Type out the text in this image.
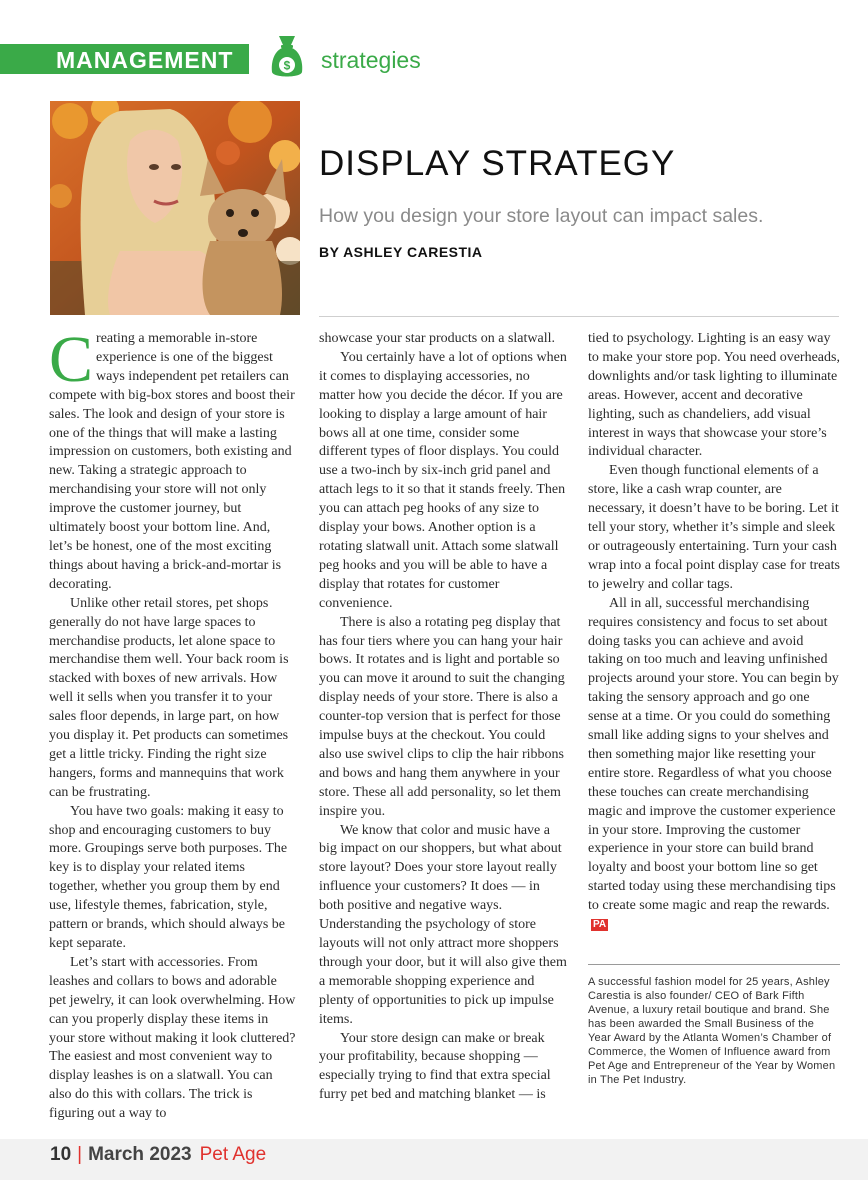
MANAGEMENT	$ strategies
DISPLAY STRATEGY
How you design your store layout can impact sales.
BY ASHLEY CARESTIA

Creating a memorable in-store experience is one of the biggest ways independent pet retailers can compete with big-box stores and boost their sales. The look and design of your store is one of the things that will make a lasting impression on customers, both existing and new. Taking a strategic approach to merchandising your store will not only improve the customer journey, but ultimately boost your bottom line. And, let’s be honest, one of the most exciting things about having a brick-and-mortar is decorating.

Unlike other retail stores, pet shops generally do not have large spaces to merchandise products, let alone space to merchandise them well. Your back room is stacked with boxes of new arrivals. How well it sells when you transfer it to your sales floor depends, in large part, on how you display it. Pet products can sometimes get a little tricky. Finding the right size hangers, forms and mannequins that work can be frustrating.

You have two goals: making it easy to shop and encouraging customers to buy more. Groupings serve both purposes. The key is to display your related items together, whether you group them by end use, lifestyle themes, fabrication, style, pattern or brands, which should always be kept separate.

Let’s start with accessories. From leashes and collars to bows and adorable pet jewelry, it can look overwhelming. How can you properly display these items in your store without making it look cluttered? The easiest and most convenient way to display leashes is on a slatwall. You can also do this with collars. The trick is figuring out a way to

showcase your star products on a slatwall.

You certainly have a lot of options when it comes to displaying accessories, no matter how you decide the décor. If you are looking to display a large amount of hair bows all at one time, consider some different types of floor displays. You could use a two-inch by six-inch grid panel and attach legs to it so that it stands freely. Then you can attach peg hooks of any size to display your bows. Another option is a rotating slatwall unit. Attach some slatwall peg hooks and you will be able to have a display that rotates for customer convenience.

There is also a rotating peg display that has four tiers where you can hang your hair bows. It rotates and is light and portable so you can move it around to suit the changing display needs of your store. There is also a counter-top version that is perfect for those impulse buys at the checkout. You could also use swivel clips to clip the hair ribbons and bows and hang them anywhere in your store. These all add personality, so let them inspire you.

We know that color and music have a big impact on our shoppers, but what about store layout? Does your store layout really influence your customers? It does — in both positive and negative ways. Understanding the psychology of store layouts will not only attract more shoppers through your door, but it will also give them a memorable shopping experience and plenty of opportunities to pick up impulse items.

Your store design can make or break your profitability, because shopping — especially trying to find that extra special furry pet bed and matching blanket — is

tied to psychology. Lighting is an easy way to make your store pop. You need overheads, downlights and/or task lighting to illuminate areas. However, accent and decorative lighting, such as chandeliers, add visual interest in ways that showcase your store’s individual character.

Even though functional elements of a store, like a cash wrap counter, are necessary, it doesn’t have to be boring. Let it tell your story, whether it’s simple and sleek or outrageously entertaining. Turn your cash wrap into a focal point display case for treats to jewelry and collar tags.

All in all, successful merchandising requires consistency and focus to set about doing tasks you can achieve and avoid taking on too much and leaving unfinished projects around your store. You can begin by taking the sensory approach and go one sense at a time. Or you could do something small like adding signs to your shelves and then something major like resetting your entire store. Regardless of what you choose these touches can create merchandising magic and improve the customer experience in your store. Improving the customer experience in your store can build brand loyalty and boost your bottom line so get started today using these merchandising tips to create some magic and reap the rewards.PA

A successful fashion model for 25 years, Ashley Carestia is also founder/ CEO of Bark Fifth Avenue, a luxury retail boutique and brand. She has been awarded the Small Business of the Year Award by the Atlanta Women’s Chamber of Commerce, the Women of Influence award from Pet Age and Entrepreneur of the Year by Women in The Pet Industry.
10 | March 2023 Pet Age
